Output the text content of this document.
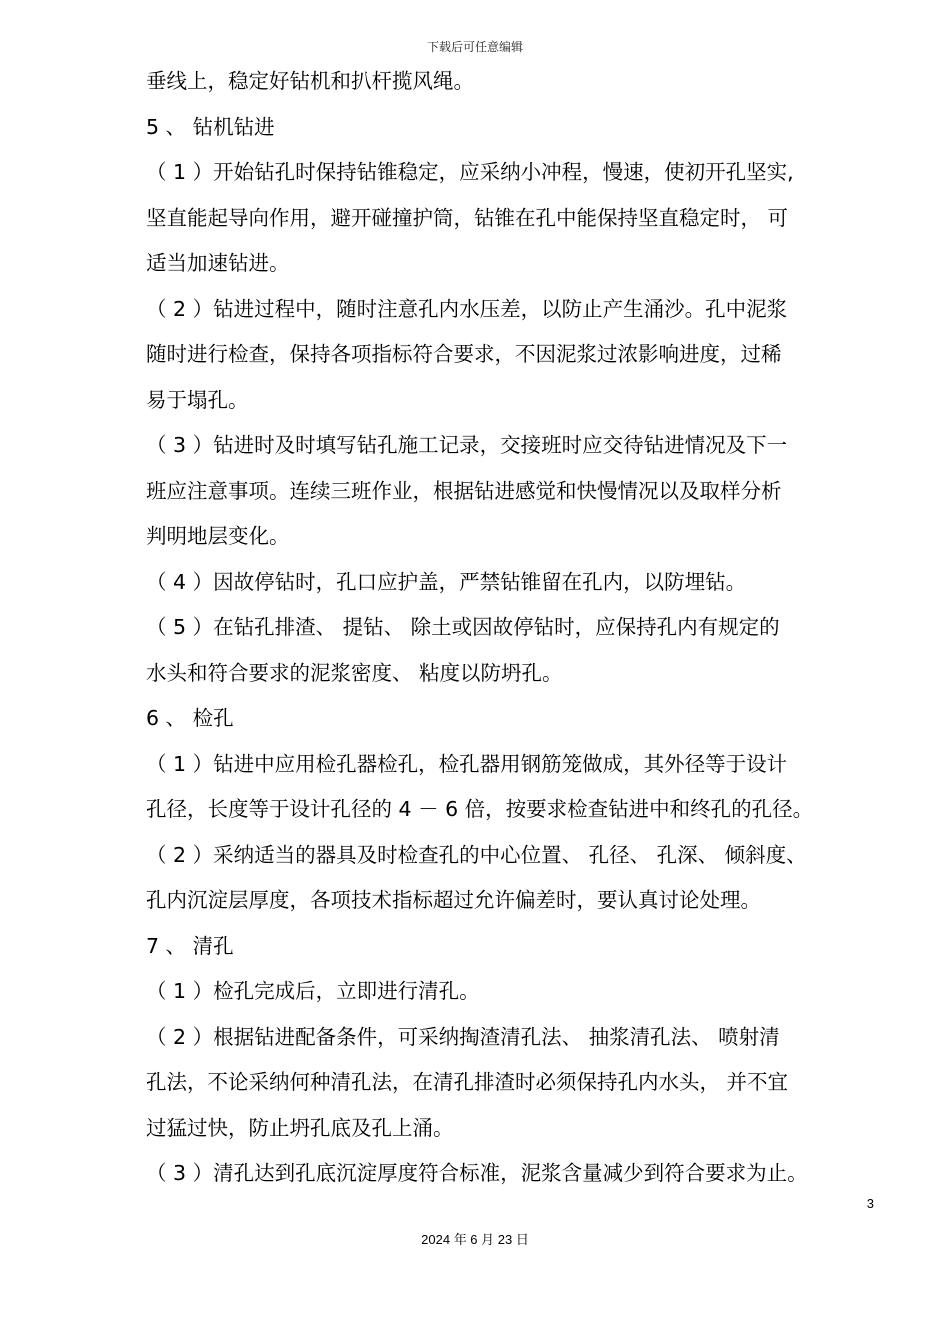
下载后可任意编辑
垂线上，稳定好钻机和扒杆揽风绳。
5 、 钻机钻进
（ 1 ）开始钻孔时保持钻锥稳定，应采纳小冲程，慢速，使初开孔坚实,
坚直能起导向作用，避开碰撞护筒，钻锥在孔中能保持坚直稳定时， 可
适当加速钻进。
（ 2 ）钻进过程中，随时注意孔内水压差，以防止产生涌沙。孔中泥浆
随时进行检查，保持各项指标符合要求，不因泥浆过浓影响进度，过稀
易于塌孔。
（ 3 ）钻进时及时填写钻孔施工记录，交接班时应交待钻进情况及下一
班应注意事项。连续三班作业，根据钻进感觉和快慢情况以及取样分析
判明地层变化。
（ 4 ）因故停钻时，孔口应护盖，严禁钻锥留在孔内，以防埋钻。
（ 5 ）在钻孔排渣、 提钻、 除土或因故停钻时，应保持孔内有规定的
水头和符合要求的泥浆密度、 粘度以防坍孔。
6 、 检孔
（ 1 ）钻进中应用检孔器检孔，检孔器用钢筋笼做成，其外径等于设计
孔径，长度等于设计孔径的 4 － 6 倍，按要求检查钻进中和终孔的孔径。
（ 2 ）采纳适当的器具及时检查孔的中心位置、 孔径、 孔深、 倾斜度、
孔内沉淀层厚度，各项技术指标超过允许偏差时，要认真讨论处理。
7 、 清孔
（ 1 ）检孔完成后，立即进行清孔。
（ 2 ）根据钻进配备条件，可采纳掏渣清孔法、 抽浆清孔法、 喷射清
孔法，不论采纳何种清孔法，在清孔排渣时必须保持孔内水头， 并不宜
过猛过快，防止坍孔底及孔上涌。
（ 3 ）清孔达到孔底沉淀厚度符合标准，泥浆含量减少到符合要求为止。
3
2024 年 6 月 23 日
